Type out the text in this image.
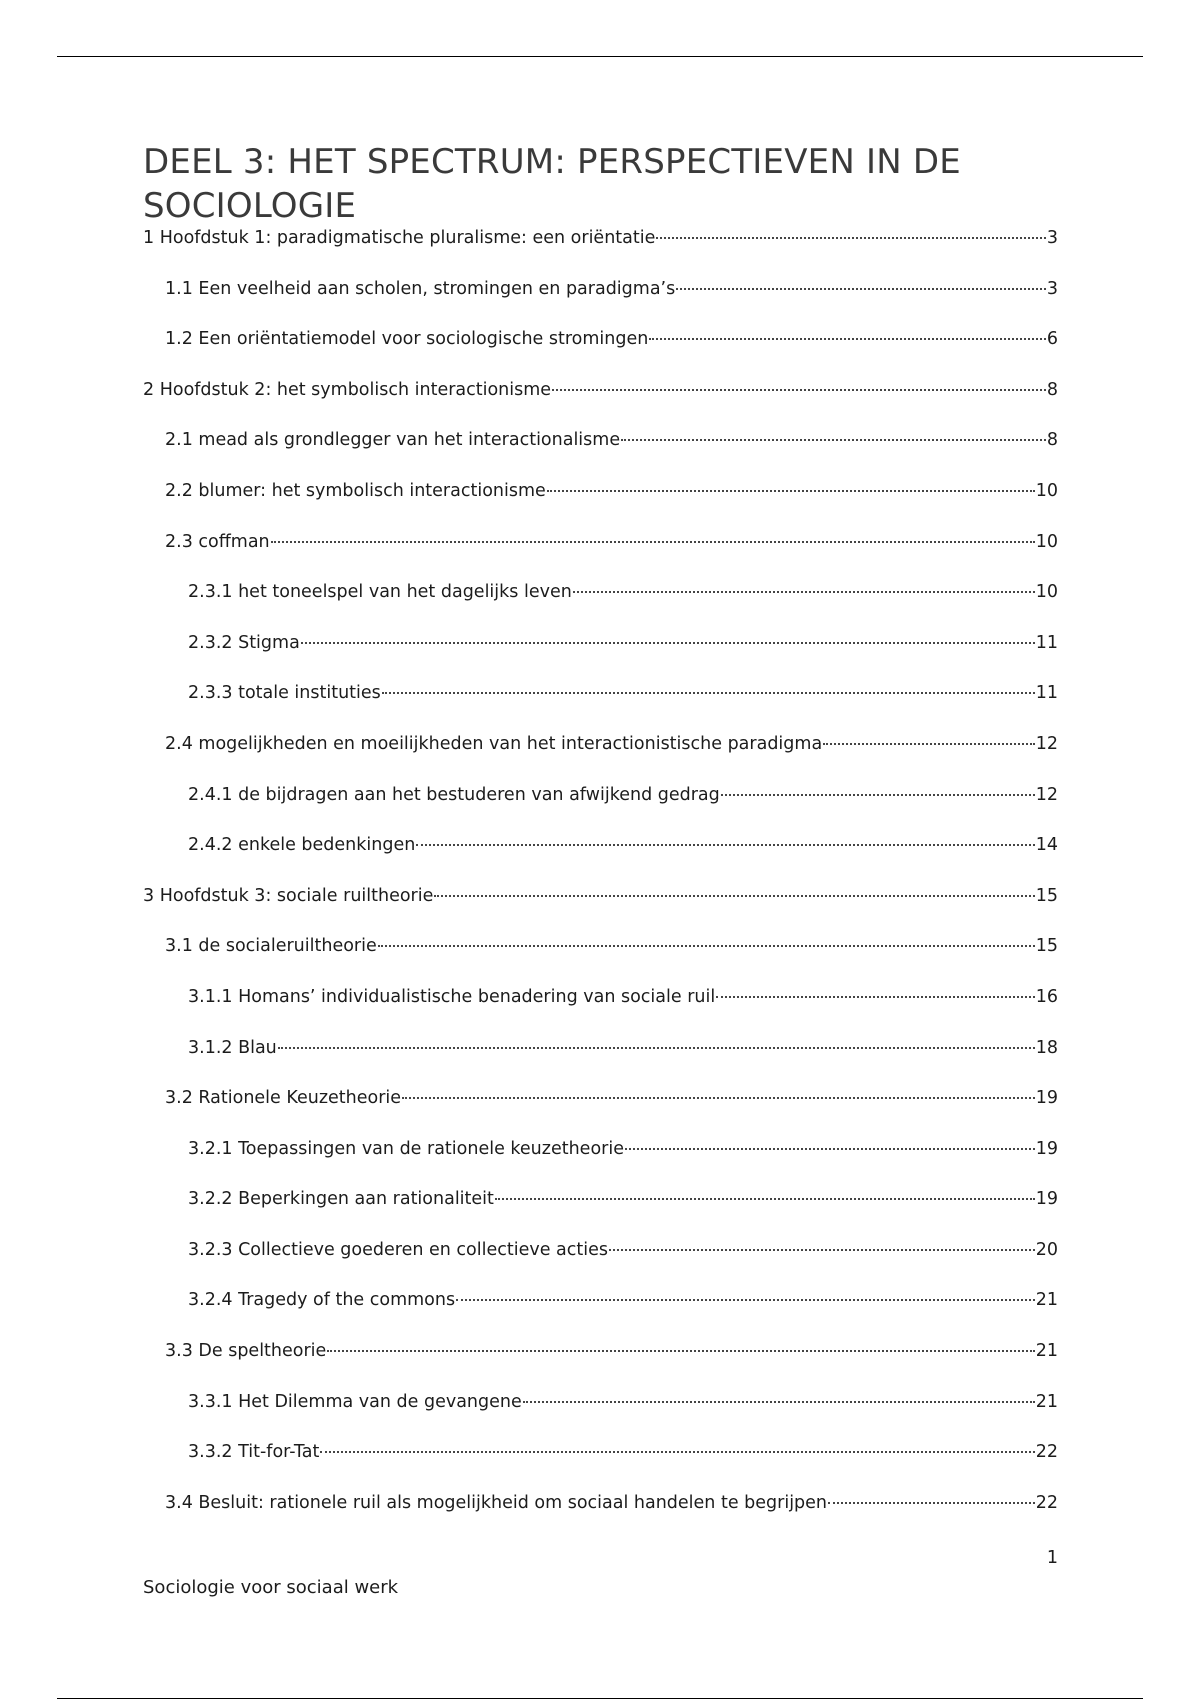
DEEL 3: HET SPECTRUM: PERSPECTIEVEN IN DE SOCIOLOGIE
1 Hoofdstuk 1: paradigmatische pluralisme: een oriëntatie	3
1.1 Een veelheid aan scholen, stromingen en paradigma’s	3
1.2 Een oriëntatiemodel voor sociologische stromingen	6
2 Hoofdstuk 2: het symbolisch interactionisme	8
2.1 mead als grondlegger van het interactionalisme	8
2.2 blumer: het symbolisch interactionisme	10
2.3 coffman	10
2.3.1 het toneelspel van het dagelijks leven	10
2.3.2 Stigma	11
2.3.3 totale instituties	11
2.4 mogelijkheden en moeilijkheden van het interactionistische paradigma	12
2.4.1 de bijdragen aan het bestuderen van afwijkend gedrag	12
2.4.2 enkele bedenkingen	14
3 Hoofdstuk 3: sociale ruiltheorie	15
3.1 de socialeruiltheorie	15
3.1.1 Homans’ individualistische benadering van sociale ruil	16
3.1.2 Blau	18
3.2 Rationele Keuzetheorie	19
3.2.1 Toepassingen van de rationele keuzetheorie	19
3.2.2 Beperkingen aan rationaliteit	19
3.2.3 Collectieve goederen en collectieve acties	20
3.2.4 Tragedy of the commons	21
3.3 De speltheorie	21
3.3.1 Het Dilemma van de gevangene	21
3.3.2 Tit-for-Tat	22
3.4 Besluit: rationele ruil als mogelijkheid om sociaal handelen te begrijpen	22
1
Sociologie voor sociaal werk
